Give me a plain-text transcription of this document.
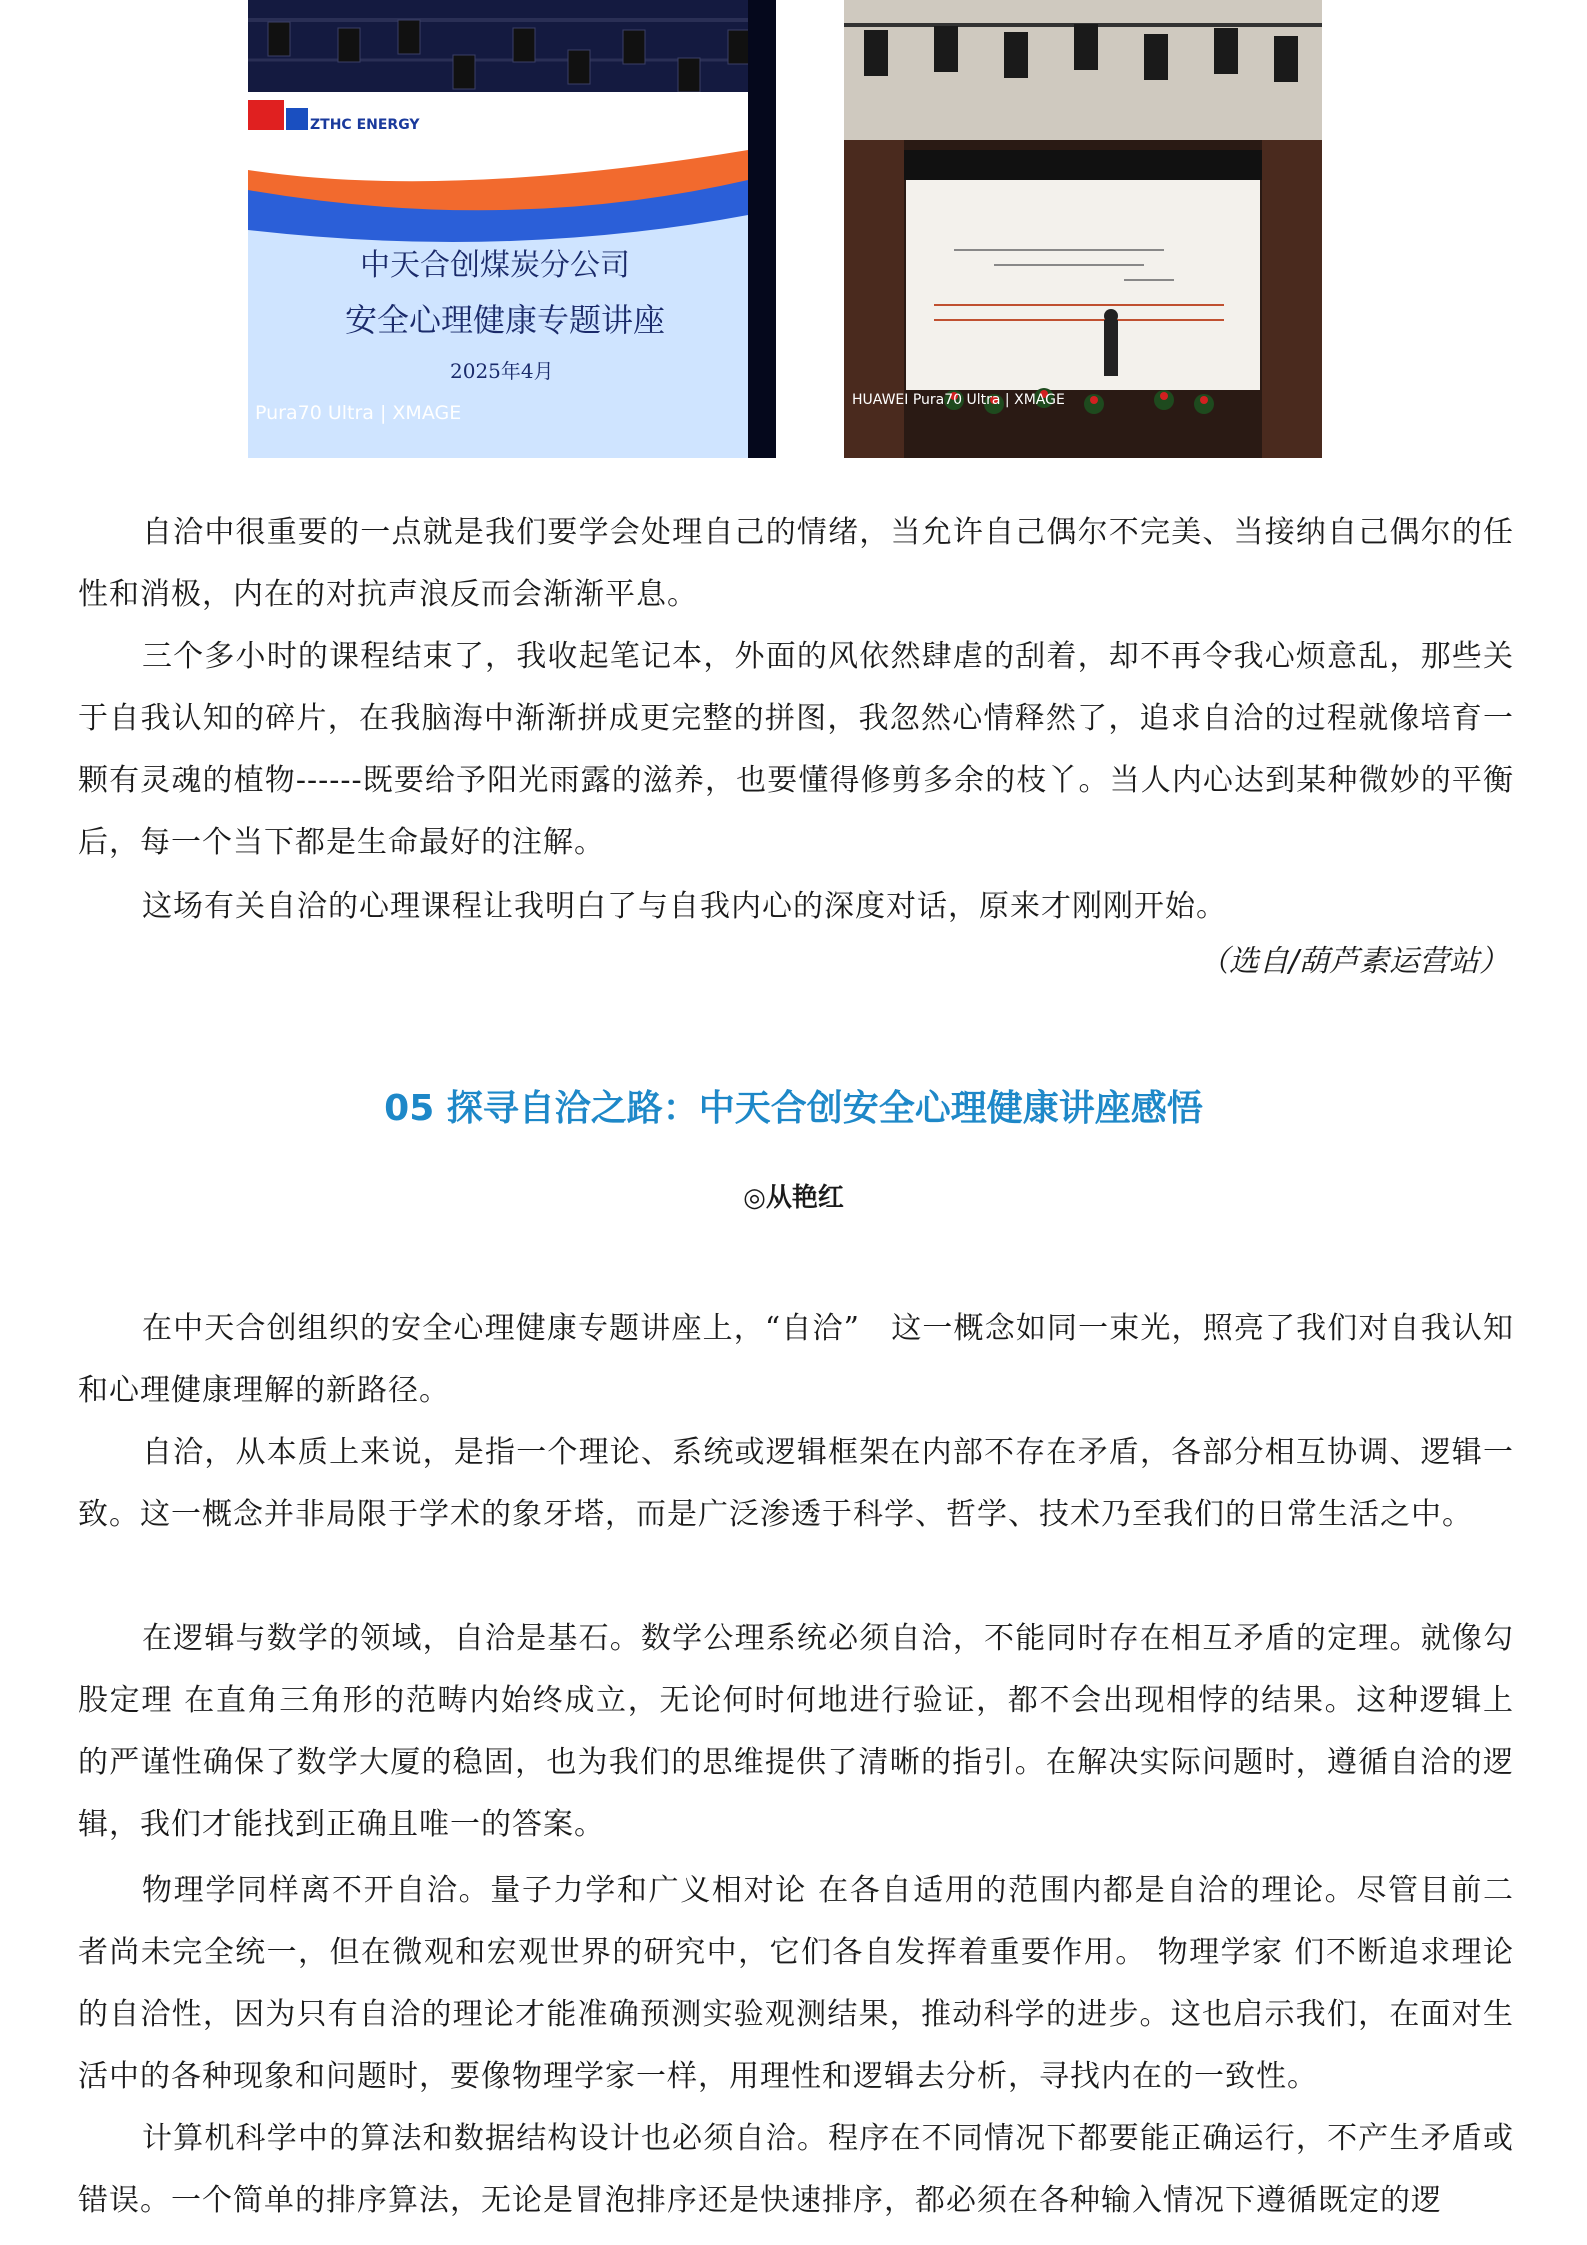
ZTHC ENERGY
中天合创煤炭分公司
安全心理健康专题讲座
2025年4月
Pura70 Ultra | XMAGE
HUAWEI Pura70 Ultra | XMAGE

自洽中很重要的一点就是我们要学会处理自己的情绪，当允许自己偶尔不完美、当接纳自己偶尔的任性和消极，内在的对抗声浪反而会渐渐平息。

三个多小时的课程结束了，我收起笔记本，外面的风依然肆虐的刮着，却不再令我心烦意乱，那些关于自我认知的碎片，在我脑海中渐渐拼成更完整的拼图，我忽然心情释然了，追求自洽的过程就像培育一颗有灵魂的植物------既要给予阳光雨露的滋养，也要懂得修剪多余的枝丫。当人内心达到某种微妙的平衡后，每一个当下都是生命最好的注解。

这场有关自洽的心理课程让我明白了与自我内心的深度对话，原来才刚刚开始。

（选自/葫芦素运营站）
05 探寻自洽之路：中天合创安全心理健康讲座感悟
◎从艳红

在中天合创组织的安全心理健康专题讲座上，“自洽”　这一概念如同一束光，照亮了我们对自我认知和心理健康理解的新路径。

自洽，从本质上来说，是指一个理论、系统或逻辑框架在内部不存在矛盾，各部分相互协调、逻辑一致。这一概念并非局限于学术的象牙塔，而是广泛渗透于科学、哲学、技术乃至我们的日常生活之中。

在逻辑与数学的领域，自洽是基石。数学公理系统必须自洽，不能同时存在相互矛盾的定理。就像勾股定理 在直角三角形的范畴内始终成立，无论何时何地进行验证，都不会出现相悖的结果。这种逻辑上的严谨性确保了数学大厦的稳固，也为我们的思维提供了清晰的指引。在解决实际问题时，遵循自洽的逻辑，我们才能找到正确且唯一的答案。

物理学同样离不开自洽。量子力学和广义相对论 在各自适用的范围内都是自洽的理论。尽管目前二者尚未完全统一，但在微观和宏观世界的研究中，它们各自发挥着重要作用。 物理学家 们不断追求理论的自洽性，因为只有自洽的理论才能准确预测实验观测结果，推动科学的进步。这也启示我们，在面对生活中的各种现象和问题时，要像物理学家一样，用理性和逻辑去分析，寻找内在的一致性。

计算机科学中的算法和数据结构设计也必须自洽。程序在不同情况下都要能正确运行，不产生矛盾或错误。一个简单的排序算法，无论是冒泡排序还是快速排序，都必须在各种输入情况下遵循既定的逻
